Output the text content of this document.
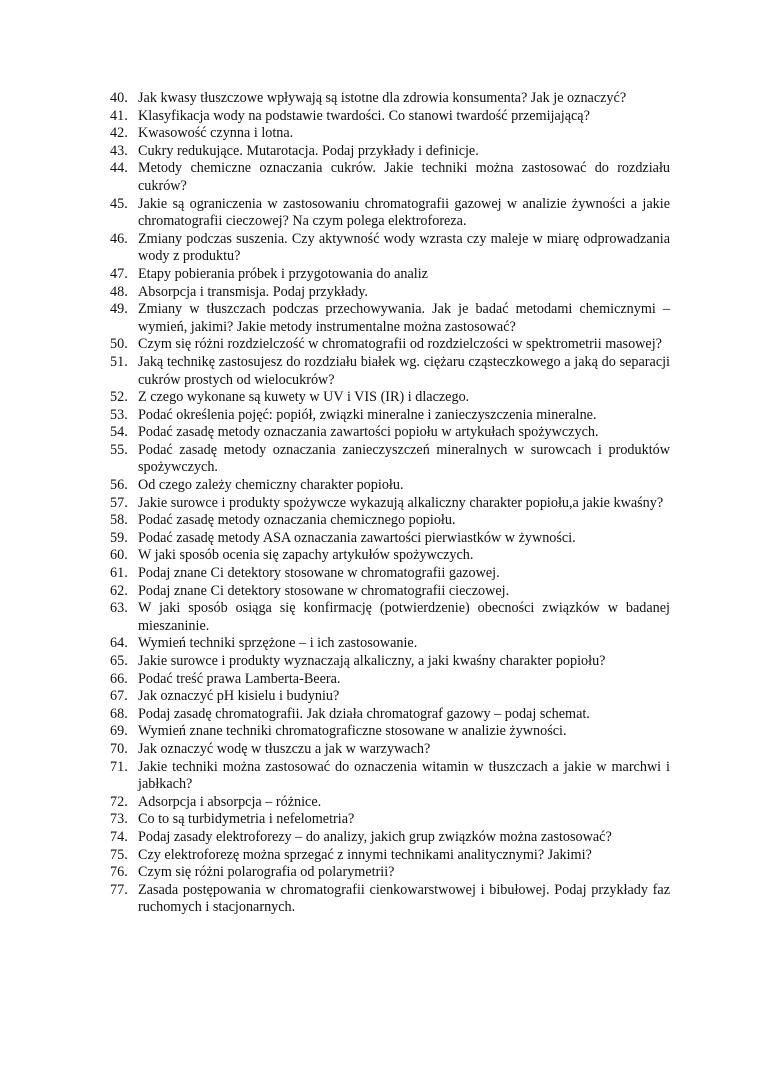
40. Jak kwasy tłuszczowe wpływają są istotne dla zdrowia konsumenta? Jak je oznaczyć?
41. Klasyfikacja wody na podstawie twardości. Co stanowi twardość przemijającą?
42. Kwasowość czynna i lotna.
43. Cukry redukujące. Mutarotacja. Podaj przykłady i definicje.
44. Metody chemiczne oznaczania cukrów. Jakie techniki można zastosować do rozdziału cukrów?
45. Jakie są ograniczenia w zastosowaniu chromatografii gazowej w analizie żywności a jakie chromatografii cieczowej? Na czym polega elektroforeza.
46. Zmiany podczas suszenia. Czy aktywność wody wzrasta czy maleje w miarę odprowadzania wody z produktu?
47. Etapy pobierania próbek i przygotowania do analiz
48. Absorpcja i transmisja. Podaj przykłady.
49. Zmiany w tłuszczach podczas przechowywania. Jak je badać metodami chemicznymi –wymień, jakimi? Jakie metody instrumentalne można zastosować?
50. Czym się różni rozdzielczość w chromatografii od rozdzielczości w spektrometrii masowej?
51. Jaką technikę zastosujesz do rozdziału białek wg. ciężaru cząsteczkowego a jaką do separacji cukrów prostych od wielocukrów?
52. Z czego wykonane są kuwety w UV i VIS (IR) i dlaczego.
53. Podać określenia pojęć: popiół, związki mineralne i zanieczyszczenia mineralne.
54. Podać zasadę metody oznaczania zawartości popiołu w artykułach spożywczych.
55. Podać zasadę metody oznaczania zanieczyszczeń mineralnych w surowcach i produktów spożywczych.
56. Od czego zależy chemiczny charakter popiołu.
57. Jakie surowce i produkty spożywcze wykazują alkaliczny charakter popiołu,a jakie kwaśny?
58. Podać zasadę metody oznaczania chemicznego popiołu.
59. Podać zasadę metody ASA oznaczania zawartości pierwiastków w żywności.
60. W jaki sposób ocenia się zapachy artykułów spożywczych.
61. Podaj znane Ci detektory stosowane w chromatografii gazowej.
62. Podaj znane Ci detektory stosowane w chromatografii cieczowej.
63. W jaki sposób osiąga się konfirmację (potwierdzenie) obecności związków w badanej mieszaninie.
64. Wymień techniki sprzężone – i ich zastosowanie.
65. Jakie surowce i produkty wyznaczają alkaliczny, a jaki kwaśny charakter popiołu?
66. Podać treść prawa Lamberta-Beera.
67. Jak oznaczyć pH kisielu i budyniu?
68. Podaj zasadę chromatografii. Jak działa chromatograf gazowy – podaj schemat.
69. Wymień znane techniki chromatograficzne stosowane w analizie żywności.
70. Jak oznaczyć wodę w tłuszczu a jak w warzywach?
71. Jakie techniki można zastosować do oznaczenia witamin w tłuszczach a jakie w marchwi i jabłkach?
72. Adsorpcja i absorpcja – różnice.
73. Co to są turbidymetria i nefelometria?
74. Podaj zasady elektroforezy – do analizy, jakich grup związków można zastosować?
75. Czy elektroforezę można sprzegać z innymi technikami analitycznymi? Jakimi?
76. Czym się różni polarografia od polarymetrii?
77. Zasada postępowania w chromatografii cienkowarstwowej i bibułowej. Podaj przykłady faz ruchomych i stacjonarnych.
